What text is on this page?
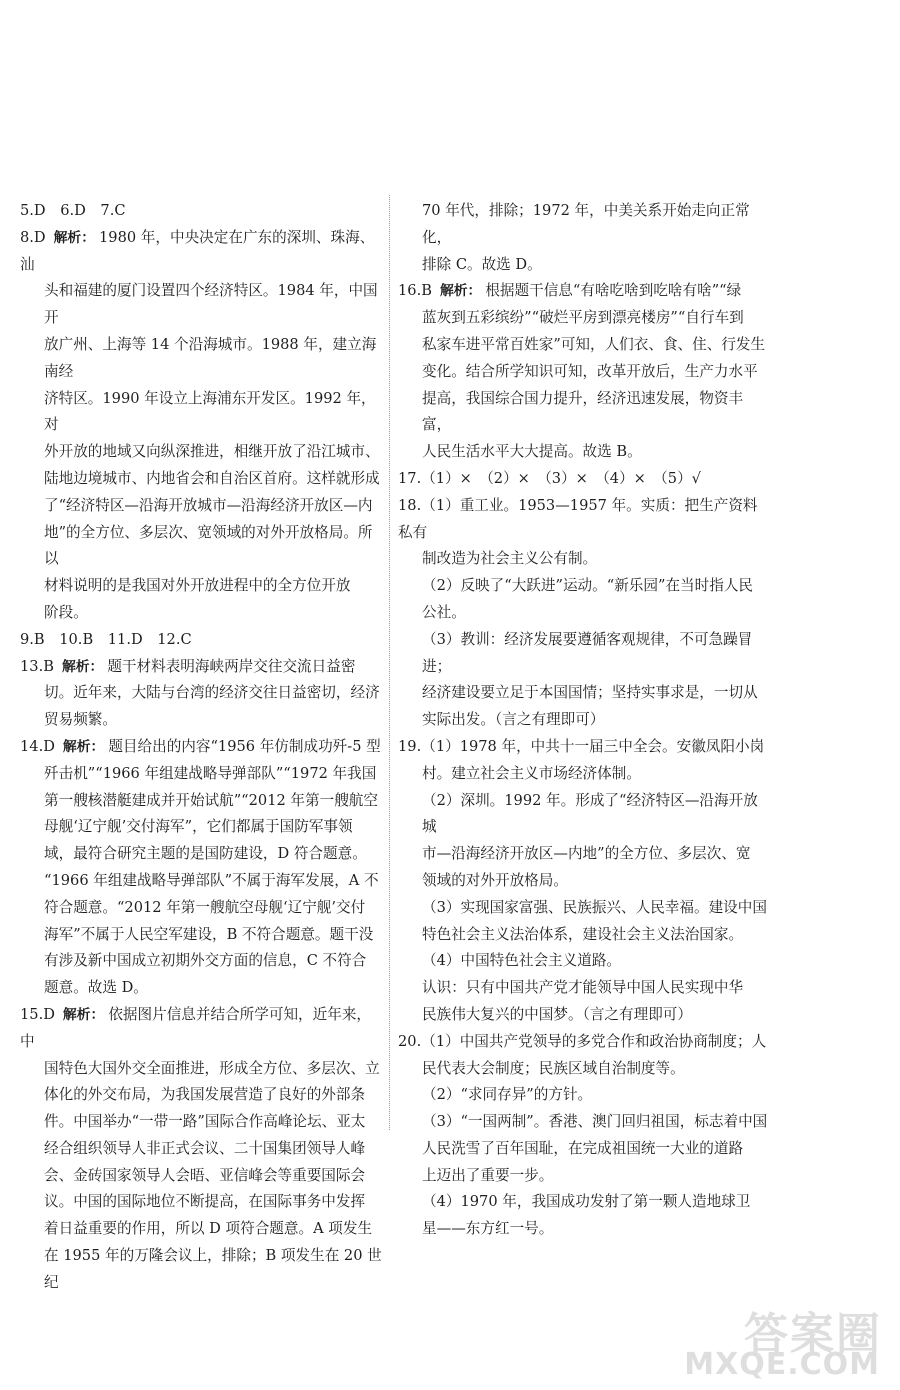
5.D　6.D　7.C
8.D 解析： 1980 年，中央决定在广东的深圳、珠海、汕
头和福建的厦门设置四个经济特区。1984 年，中国开
放广州、上海等 14 个沿海城市。1988 年，建立海南经
济特区。1990 年设立上海浦东开发区。1992 年，对
外开放的地域又向纵深推进，相继开放了沿江城市、
陆地边境城市、内地省会和自治区首府。这样就形成
了“经济特区—沿海开放城市—沿海经济开放区—内
地”的全方位、多层次、宽领域的对外开放格局。所以
材料说明的是我国对外开放进程中的全方位开放
阶段。
9.B　10.B　11.D　12.C
13.B 解析： 题干材料表明海峡两岸交往交流日益密
切。近年来，大陆与台湾的经济交往日益密切，经济
贸易频繁。
14.D 解析： 题目给出的内容“1956 年仿制成功歼-5 型
歼击机”“1966 年组建战略导弹部队”“1972 年我国
第一艘核潜艇建成并开始试航”“2012 年第一艘航空
母舰‘辽宁舰’交付海军”，它们都属于国防军事领
域，最符合研究主题的是国防建设，D 符合题意。
“1966 年组建战略导弹部队”不属于海军发展，A 不
符合题意。“2012 年第一艘航空母舰‘辽宁舰’交付
海军”不属于人民空军建设，B 不符合题意。题干没
有涉及新中国成立初期外交方面的信息，C 不符合
题意。故选 D。
15.D 解析： 依据图片信息并结合所学可知，近年来，中
国特色大国外交全面推进，形成全方位、多层次、立
体化的外交布局，为我国发展营造了良好的外部条
件。中国举办“一带一路”国际合作高峰论坛、亚太
经合组织领导人非正式会议、二十国集团领导人峰
会、金砖国家领导人会晤、亚信峰会等重要国际会
议。中国的国际地位不断提高，在国际事务中发挥
着日益重要的作用，所以 D 项符合题意。A 项发生
在 1955 年的万隆会议上，排除；B 项发生在 20 世纪
70 年代，排除；1972 年，中美关系开始走向正常化，
排除 C。故选 D。
16.B 解析： 根据题干信息“有啥吃啥到吃啥有啥”“绿
蓝灰到五彩缤纷”“破烂平房到漂亮楼房”“自行车到
私家车进平常百姓家”可知，人们衣、食、住、行发生
变化。结合所学知识可知，改革开放后，生产力水平
提高，我国综合国力提升，经济迅速发展，物资丰富，
人民生活水平大大提高。故选 B。
17.（1）×　（2）×　（3）×　（4）×　（5）√
18.（1）重工业。1953—1957 年。实质：把生产资料私有
制改造为社会主义公有制。
（2）反映了“大跃进”运动。“新乐园”在当时指人民
公社。
（3）教训：经济发展要遵循客观规律，不可急躁冒进；
经济建设要立足于本国国情；坚持实事求是，一切从
实际出发。（言之有理即可）
19.（1）1978 年，中共十一届三中全会。安徽凤阳小岗
村。建立社会主义市场经济体制。
（2）深圳。1992 年。形成了“经济特区—沿海开放城
市—沿海经济开放区—内地”的全方位、多层次、宽
领域的对外开放格局。
（3）实现国家富强、民族振兴、人民幸福。建设中国
特色社会主义法治体系，建设社会主义法治国家。
（4）中国特色社会主义道路。
认识：只有中国共产党才能领导中国人民实现中华
民族伟大复兴的中国梦。（言之有理即可）
20.（1）中国共产党领导的多党合作和政治协商制度；人
民代表大会制度；民族区域自治制度等。
（2）“求同存异”的方针。
（3）“一国两制”。香港、澳门回归祖国，标志着中国
人民洗雪了百年国耻，在完成祖国统一大业的道路
上迈出了重要一步。
（4）1970 年，我国成功发射了第一颗人造地球卫
星——东方红一号。
答案圈
MXQE.COM
